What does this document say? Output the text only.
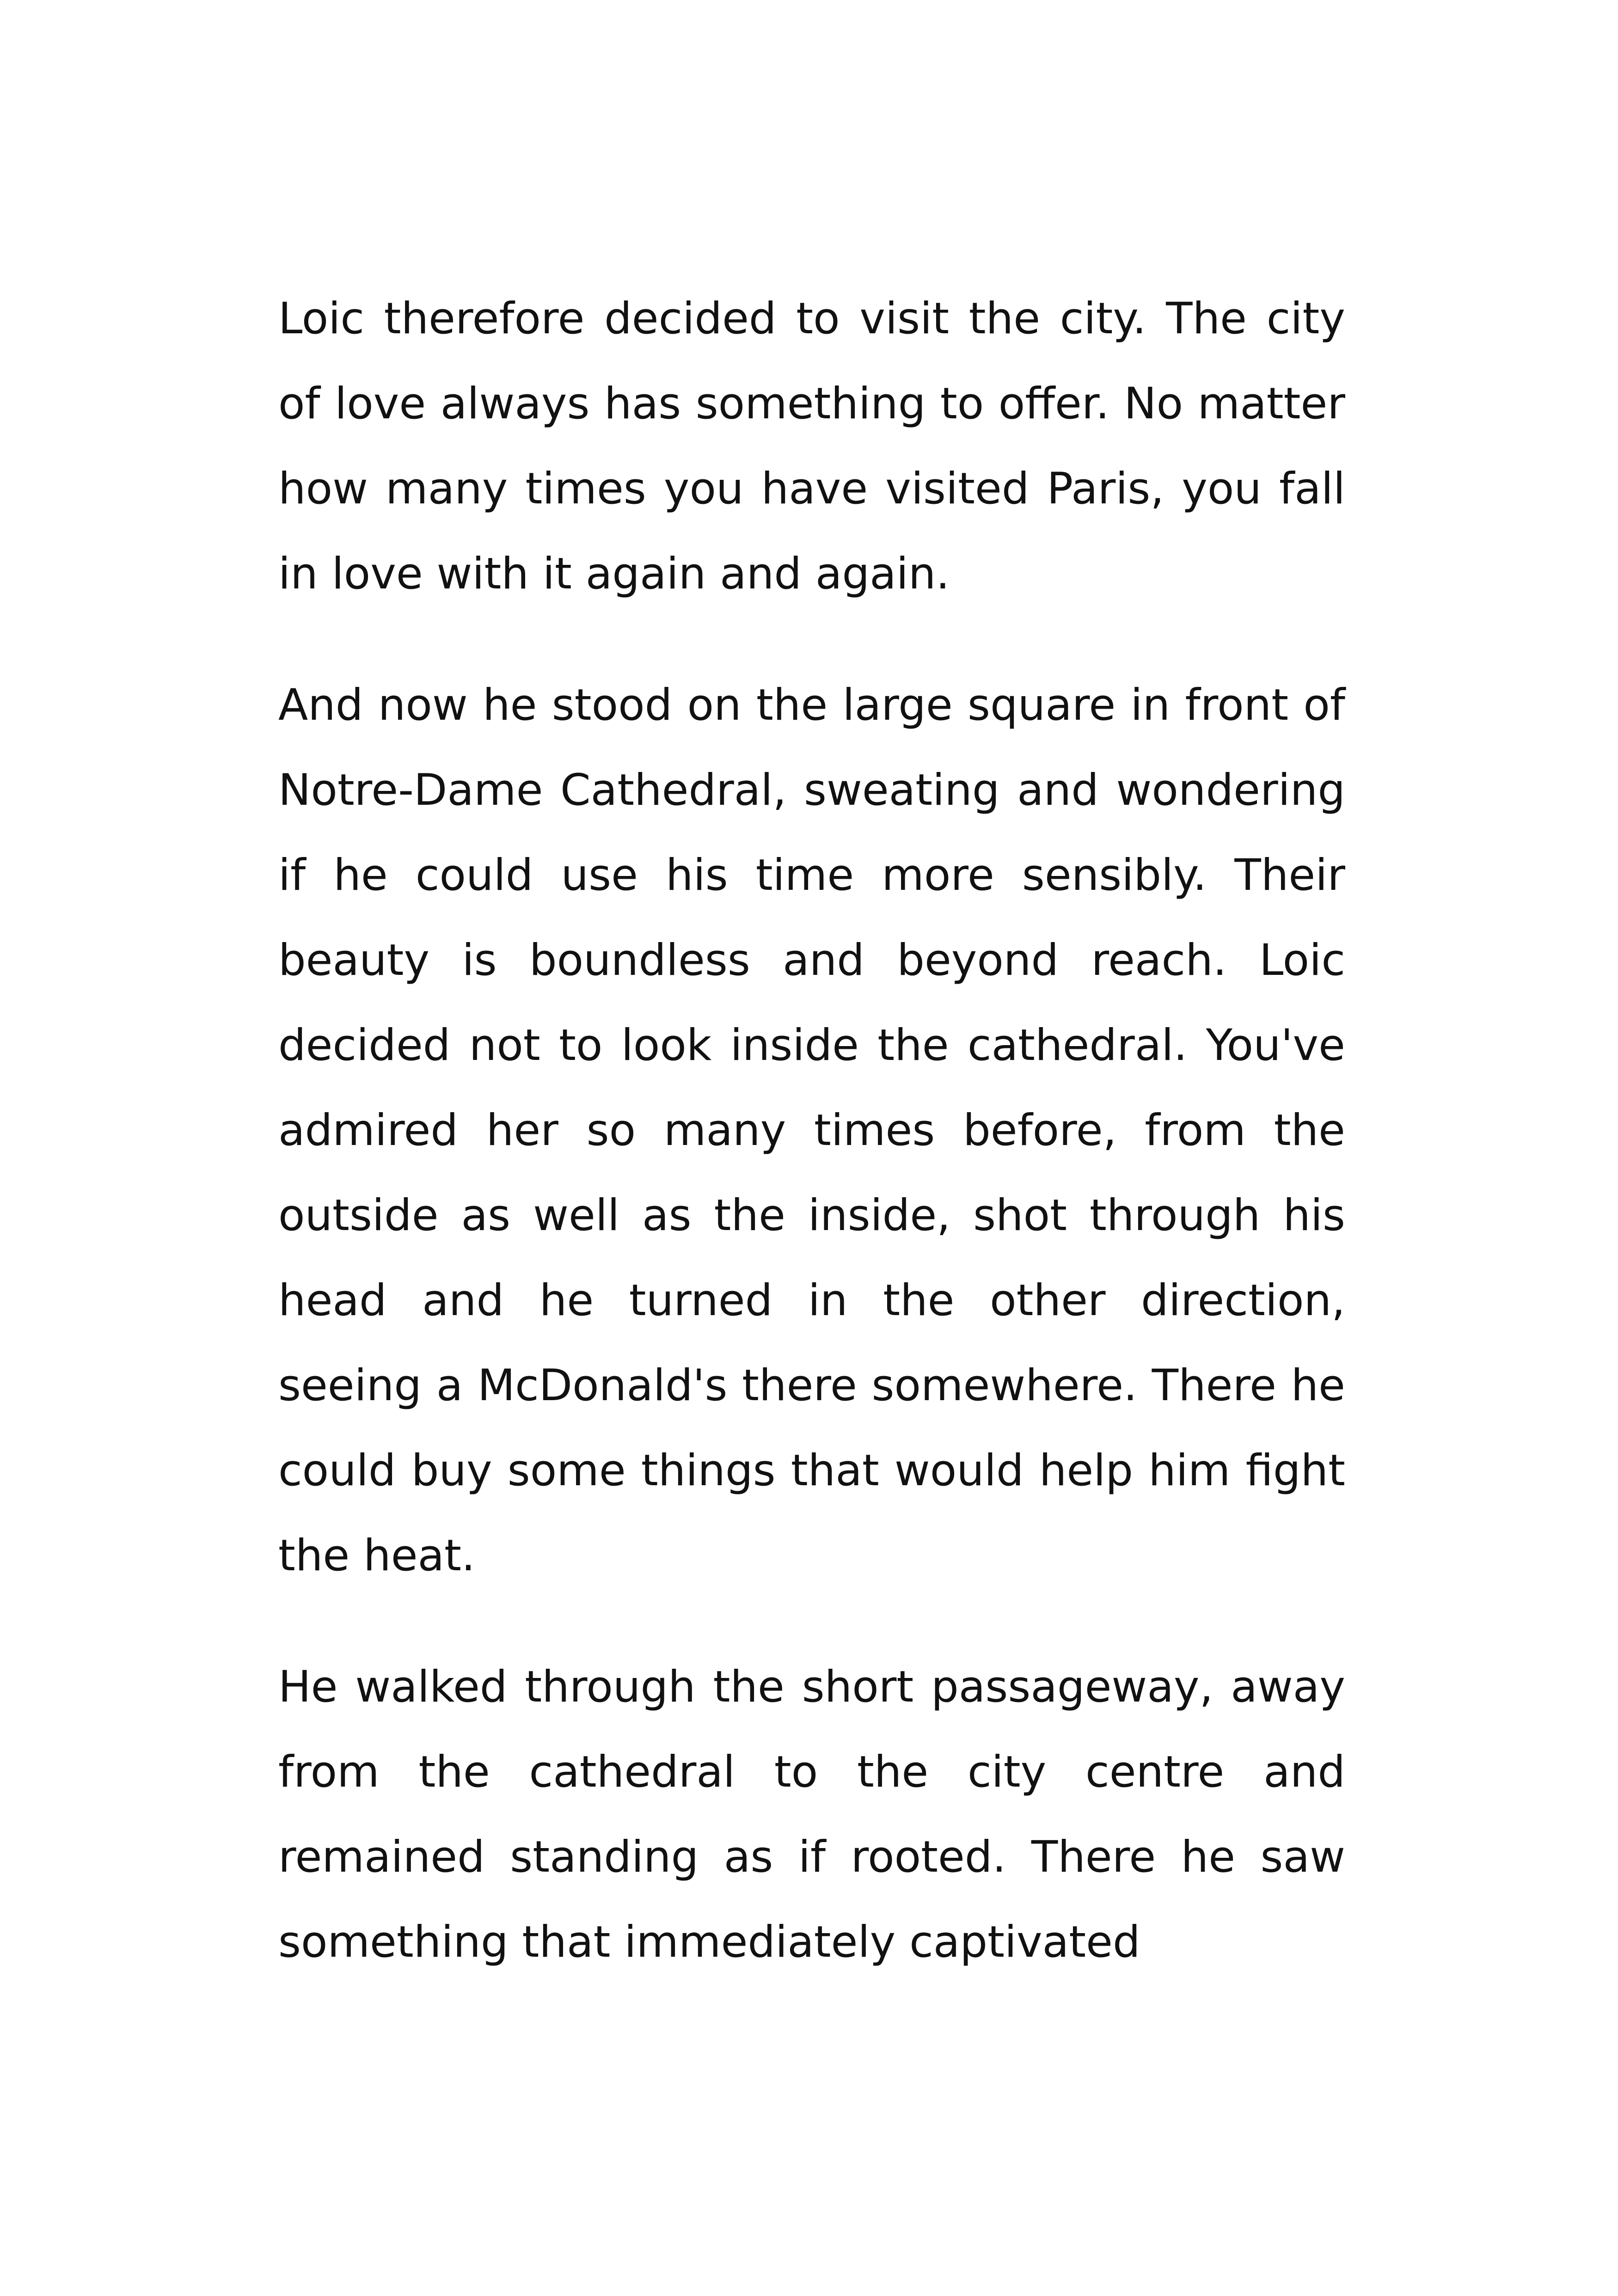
Loic therefore decided to visit the city. The city of love always has something to offer. No matter how many times you have visited Paris, you fall in love with it again and again.

And now he stood on the large square in front of Notre-Dame Cathedral, sweating and wondering if he could use his time more sensibly. Their beauty is boundless and beyond reach. Loic decided not to look inside the cathedral. You've admired her so many times before, from the outside as well as the inside, shot through his head and he turned in the other direction, seeing a McDonald's there somewhere. There he could buy some things that would help him fight the heat.

He walked through the short passageway, away from the cathedral to the city centre and remained standing as if rooted. There he saw something that immediately captivated
